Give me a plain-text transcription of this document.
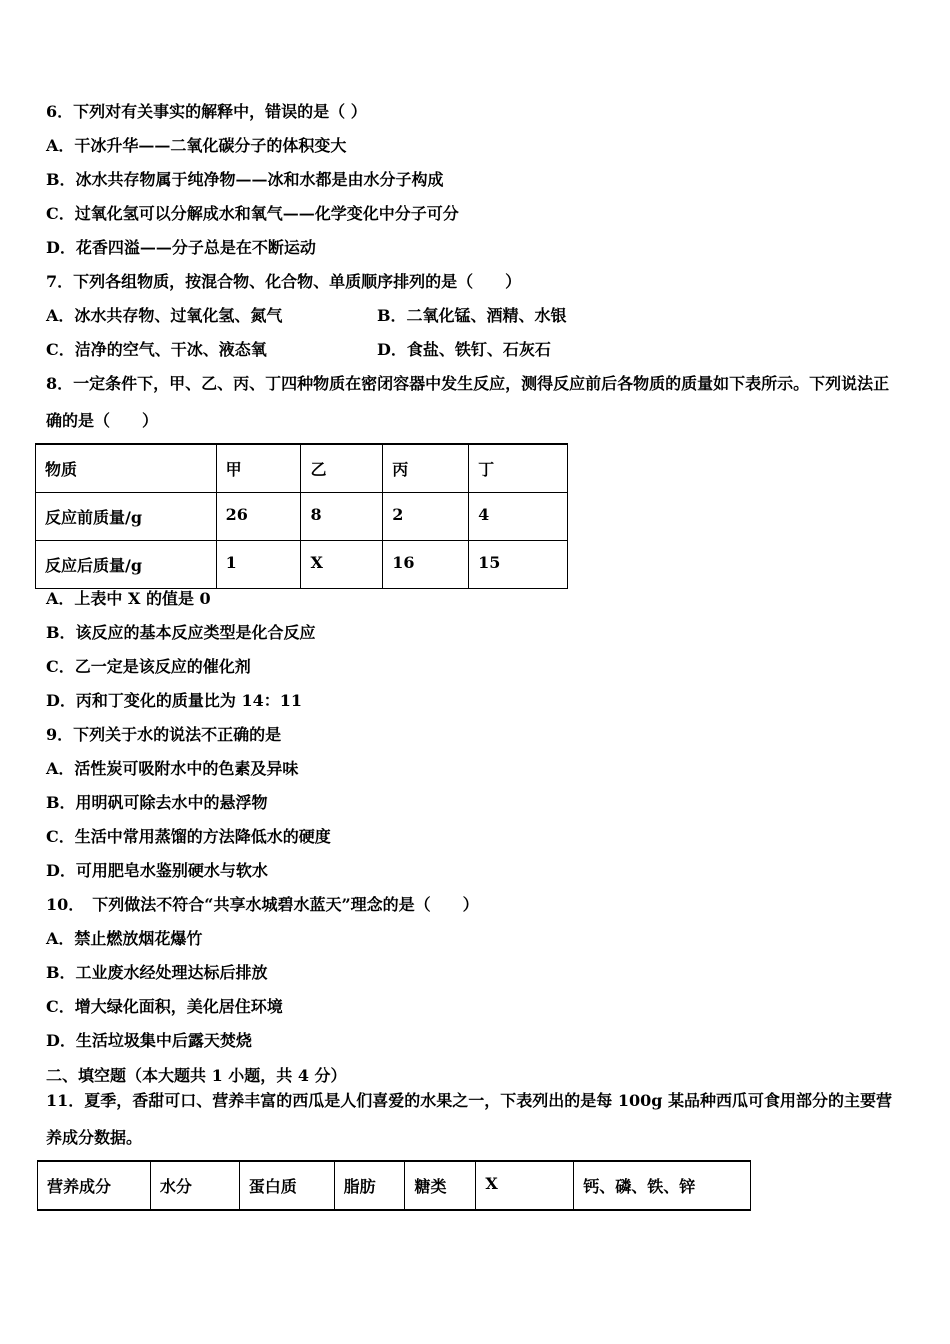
6．下列对有关事实的解释中，错误的是（ ）
A．干冰升华——二氧化碳分子的体积变大
B．冰水共存物属于纯净物——冰和水都是由水分子构成
C．过氧化氢可以分解成水和氧气——化学变化中分子可分
D．花香四溢——分子总是在不断运动
7．下列各组物质，按混合物、化合物、单质顺序排列的是（　　）
A．冰水共存物、过氧化氢、氮气	B．二氧化锰、酒精、水银
C．洁净的空气、干冰、液态氧	D．食盐、铁钉、石灰石
8．一定条件下，甲、乙、丙、丁四种物质在密闭容器中发生反应，测得反应前后各物质的质量如下表所示。下列说法正
确的是（　　）
物质	甲	乙	丙	丁
反应前质量/g	26	8	2	4
反应后质量/g	1	X	16	15
A．上表中 X 的值是 0
B．该反应的基本反应类型是化合反应
C．乙一定是该反应的催化剂
D．丙和丁变化的质量比为 14：11
9．下列关于水的说法不正确的是
A．活性炭可吸附水中的色素及异味
B．用明矾可除去水中的悬浮物
C．生活中常用蒸馏的方法降低水的硬度
D．可用肥皂水鉴别硬水与软水
10．　下列做法不符合“共享水城碧水蓝天”理念的是（　　）
A．禁止燃放烟花爆竹
B．工业废水经处理达标后排放
C．增大绿化面积，美化居住环境
D．生活垃圾集中后露天焚烧
二、填空题（本大题共 1 小题，共 4 分）
11．夏季，香甜可口、营养丰富的西瓜是人们喜爱的水果之一，下表列出的是每 100g 某品种西瓜可食用部分的主要营
养成分数据。
营养成分	水分	蛋白质	脂肪	糖类	X	钙、磷、铁、锌
